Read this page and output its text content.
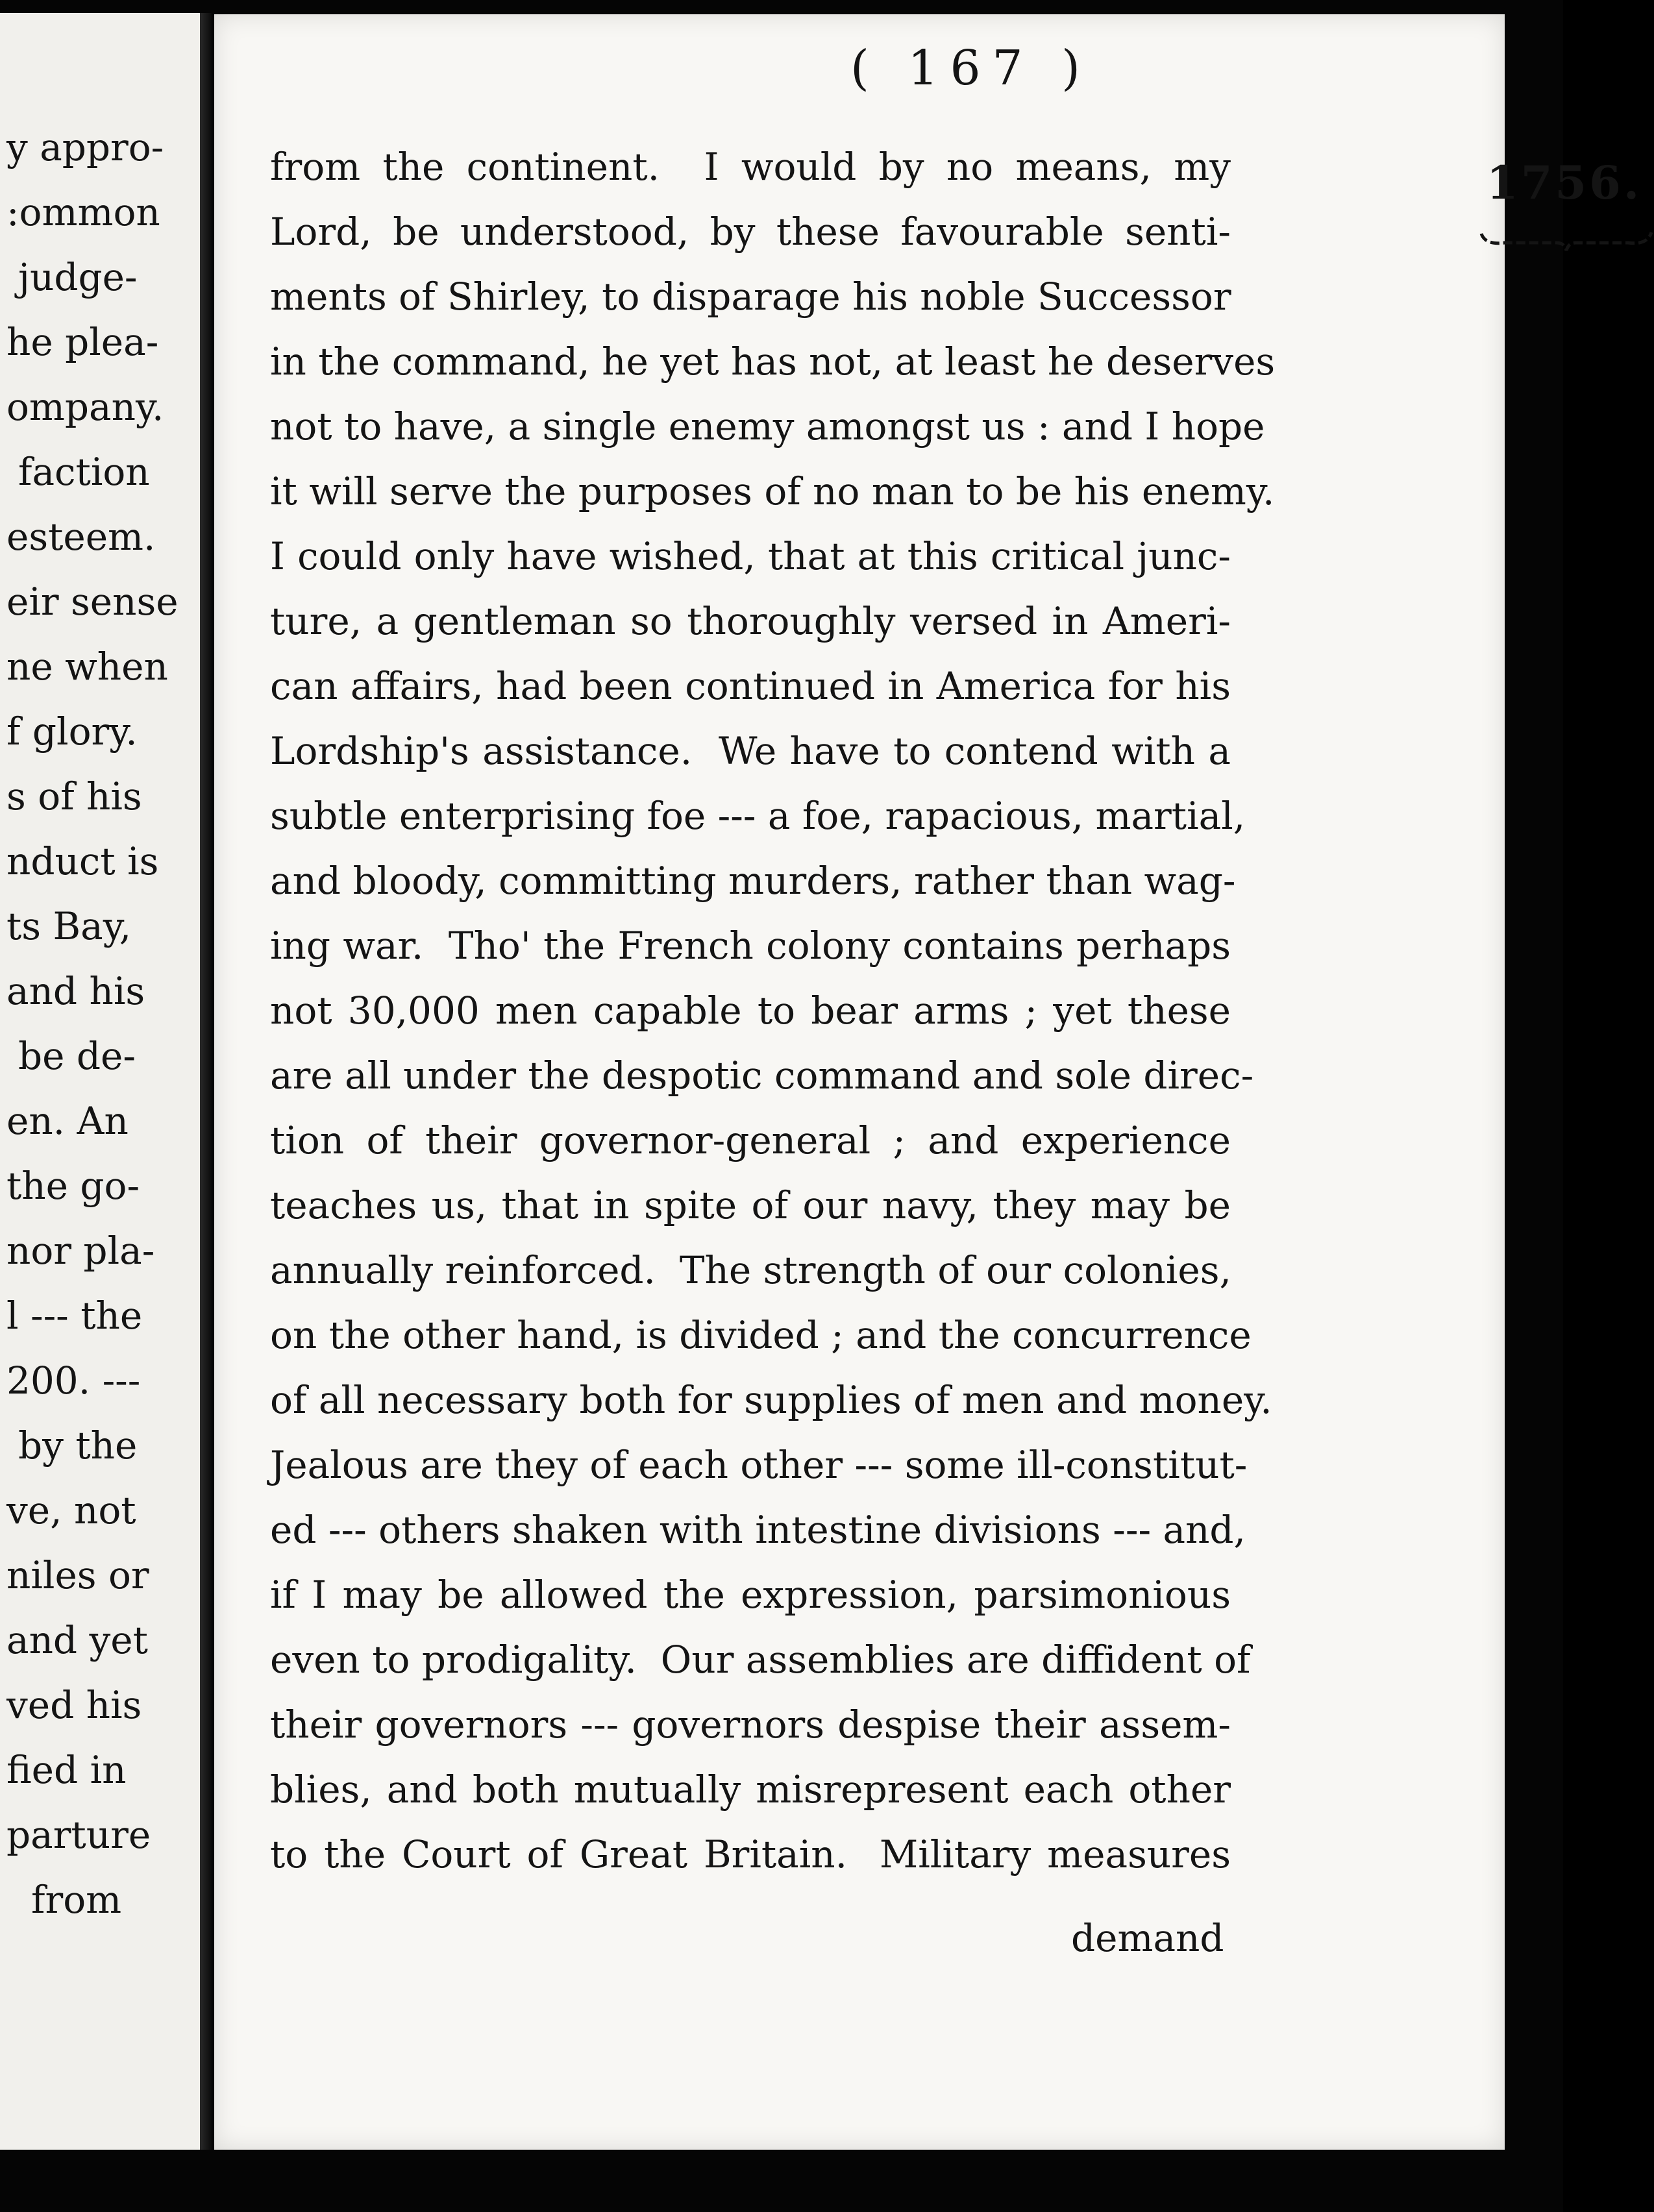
y appro-
:ommon
judge-
he plea-
ompany.
faction
esteem.
eir sense
ne when
f glory.
s of his
nduct is
ts Bay,
and his
be de-
en. An
the go-
nor pla-
l --- the
200. ---
by the
ve, not
niles or
and yet
ved his
fied in
parture
from
( 167 )
1756.
from the continent.  I would by no means, my
Lord, be understood, by these favourable senti-
ments of Shirley, to disparage his noble Successor
in the command, he yet has not, at least he deserves
not to have, a single enemy amongst us : and I hope
it will serve the purposes of no man to be his enemy.
I could only have wished, that at this critical junc-
ture, a gentleman so thoroughly versed in Ameri-
can affairs, had been continued in America for his
Lordship's assistance.  We have to contend with a
subtle enterprising foe --- a foe, rapacious, martial,
and bloody, committing murders, rather than wag-
ing war.  Tho' the French colony contains perhaps
not 30,000 men capable to bear arms ; yet these
are all under the despotic command and sole direc-
tion of their governor-general ; and experience
teaches us, that in spite of our navy, they may be
annually reinforced.  The strength of our colonies,
on the other hand, is divided ; and the concurrence
of all necessary both for supplies of men and money.
Jealous are they of each other --- some ill-constitut-
ed --- others shaken with intestine divisions --- and,
if I may be allowed the expression, parsimonious
even to prodigality.  Our assemblies are diffident of
their governors --- governors despise their assem-
blies, and both mutually misrepresent each other
to the Court of Great Britain.  Military measures
demand
